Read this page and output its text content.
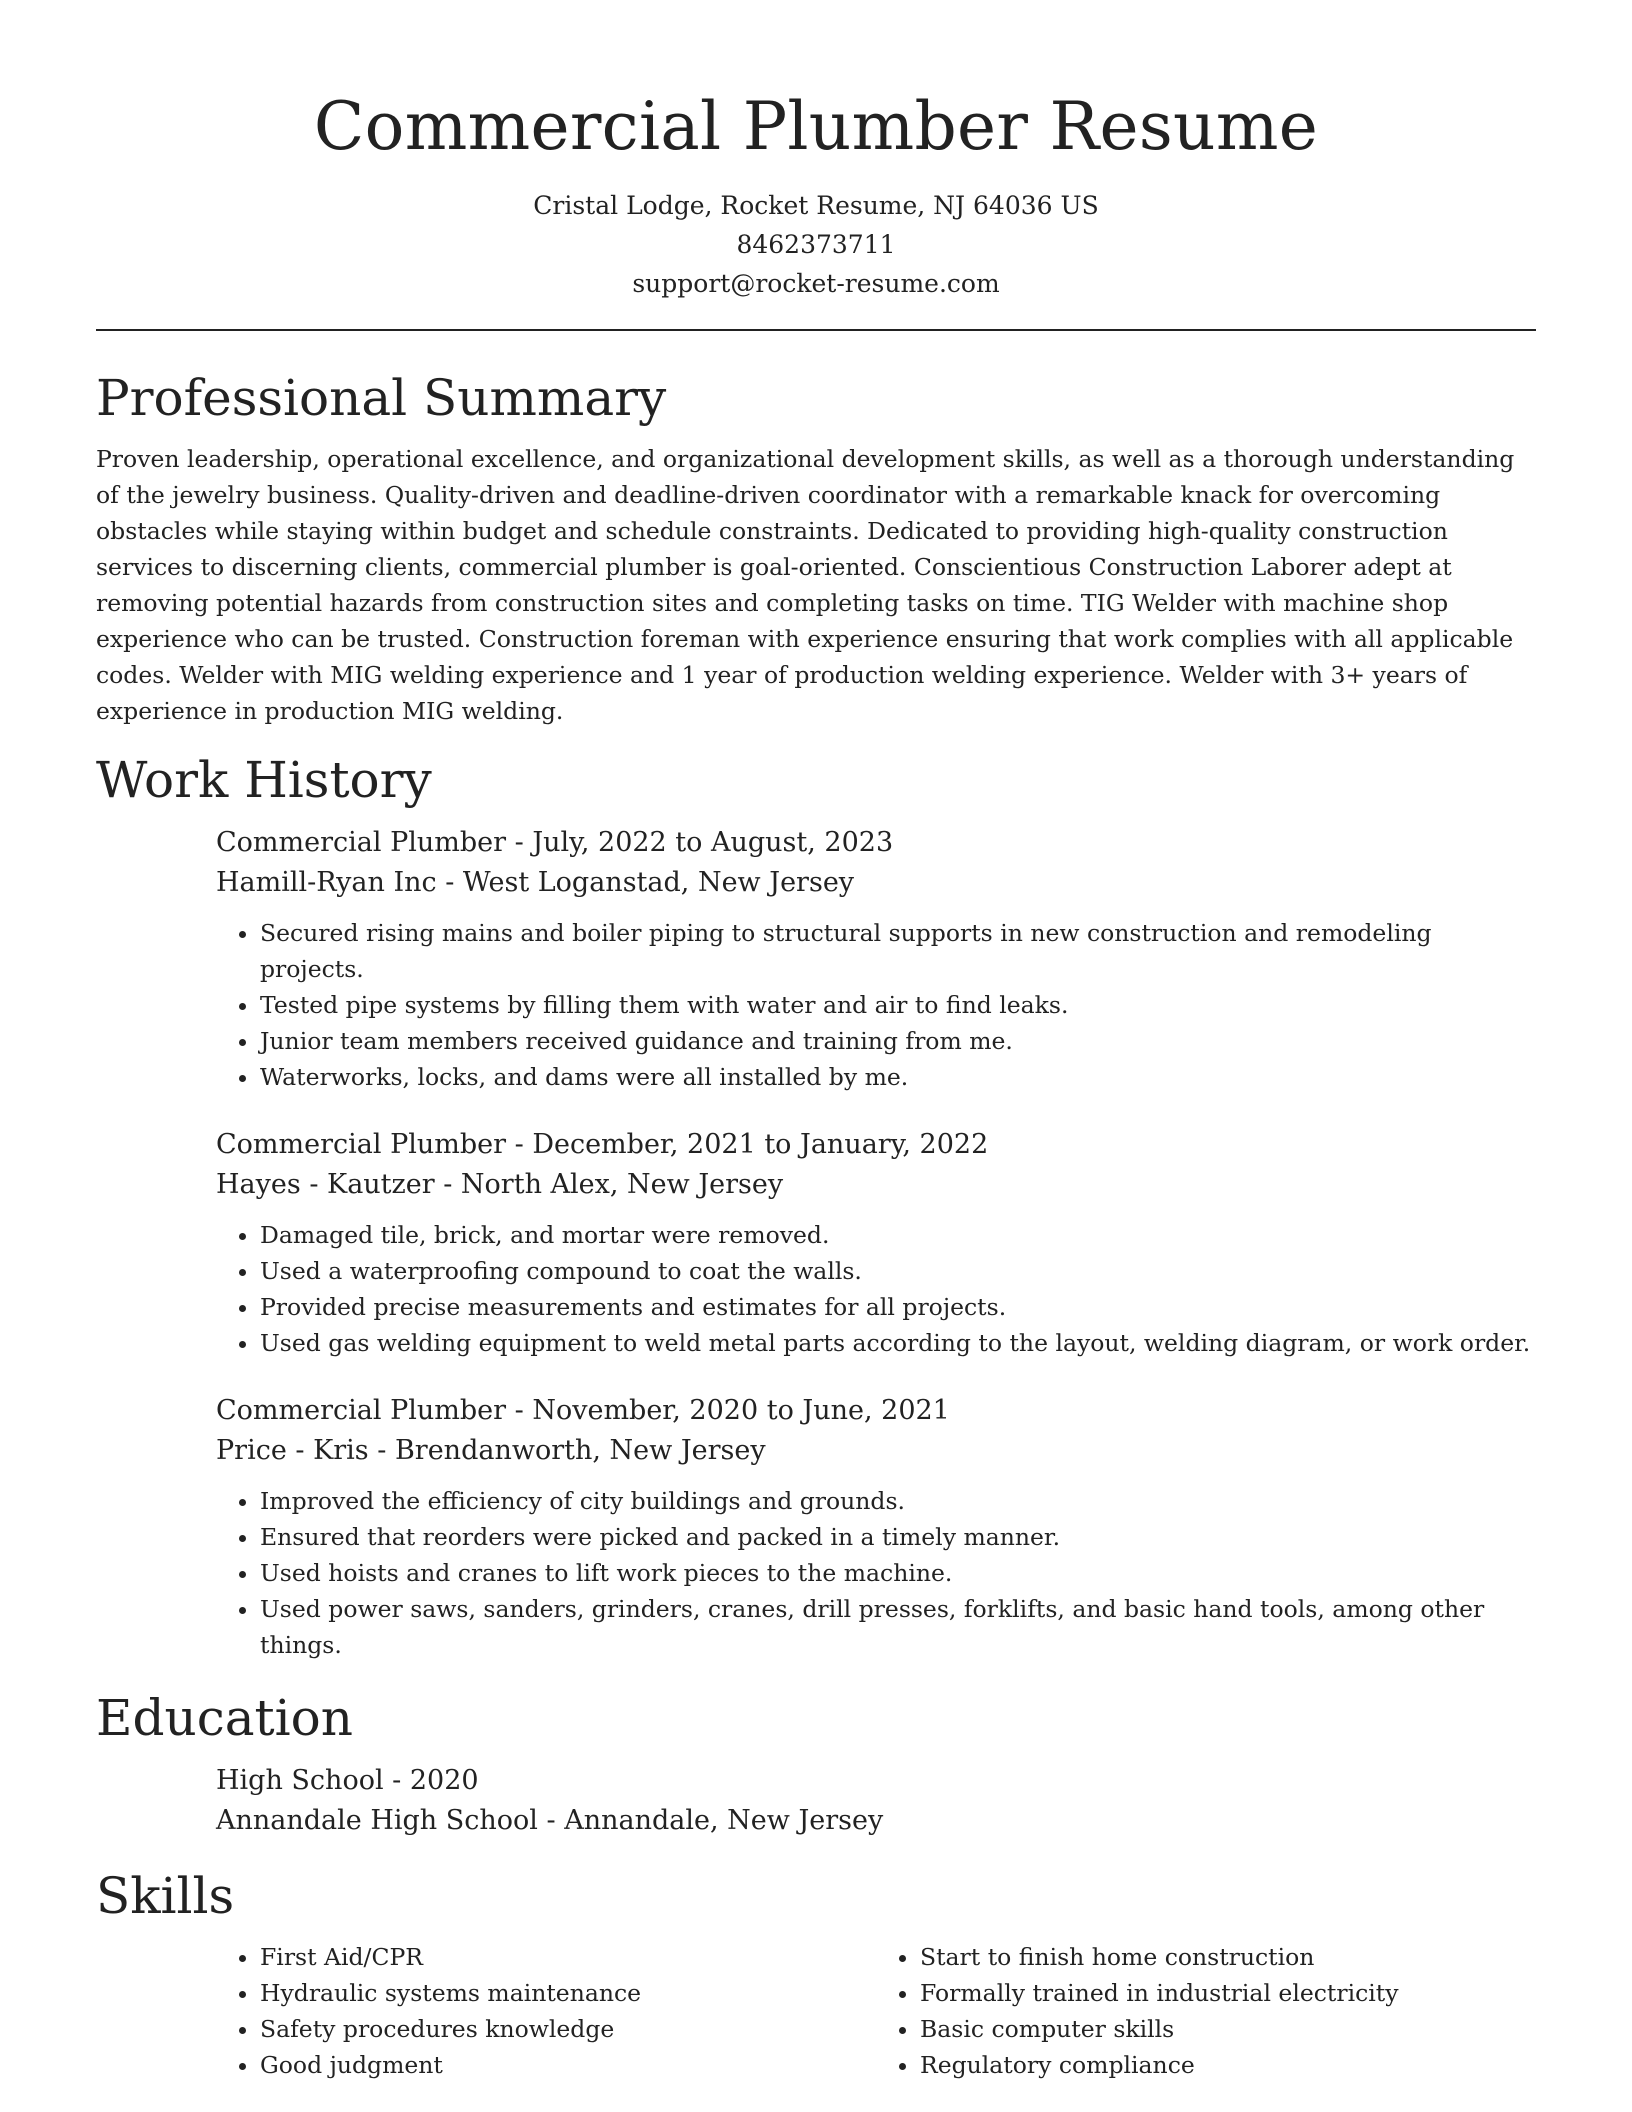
Commercial Plumber Resume
Cristal Lodge, Rocket Resume, NJ 64036 US
8462373711
support@rocket-resume.com
Professional Summary

Proven leadership, operational excellence, and organizational development skills, as well as a thorough understanding of the jewelry business. Quality-driven and deadline-driven coordinator with a remarkable knack for overcoming obstacles while staying within budget and schedule constraints. Dedicated to providing high-quality construction services to discerning clients, commercial plumber is goal-oriented. Conscientious Construction Laborer adept at removing potential hazards from construction sites and completing tasks on time. TIG Welder with machine shop experience who can be trusted. Construction foreman with experience ensuring that work complies with all applicable codes. Welder with MIG welding experience and 1 year of production welding experience. Welder with 3+ years of experience in production MIG welding.

Work History
Commercial Plumber - July, 2022 to August, 2023
Hamill-Ryan Inc - West Loganstad, New Jersey
• Secured rising mains and boiler piping to structural supports in new construction and remodeling projects.
• Tested pipe systems by filling them with water and air to find leaks.
• Junior team members received guidance and training from me.
• Waterworks, locks, and dams were all installed by me.
Commercial Plumber - December, 2021 to January, 2022
Hayes - Kautzer - North Alex, New Jersey
• Damaged tile, brick, and mortar were removed.
• Used a waterproofing compound to coat the walls.
• Provided precise measurements and estimates for all projects.
• Used gas welding equipment to weld metal parts according to the layout, welding diagram, or work order.
Commercial Plumber - November, 2020 to June, 2021
Price - Kris - Brendanworth, New Jersey
• Improved the efficiency of city buildings and grounds.
• Ensured that reorders were picked and packed in a timely manner.
• Used hoists and cranes to lift work pieces to the machine.
• Used power saws, sanders, grinders, cranes, drill presses, forklifts, and basic hand tools, among other things.
Education
High School - 2020
Annandale High School - Annandale, New Jersey
Skills
• First Aid/CPR
• Hydraulic systems maintenance
• Safety procedures knowledge
• Good judgment
• Start to finish home construction
• Formally trained in industrial electricity
• Basic computer skills
• Regulatory compliance
